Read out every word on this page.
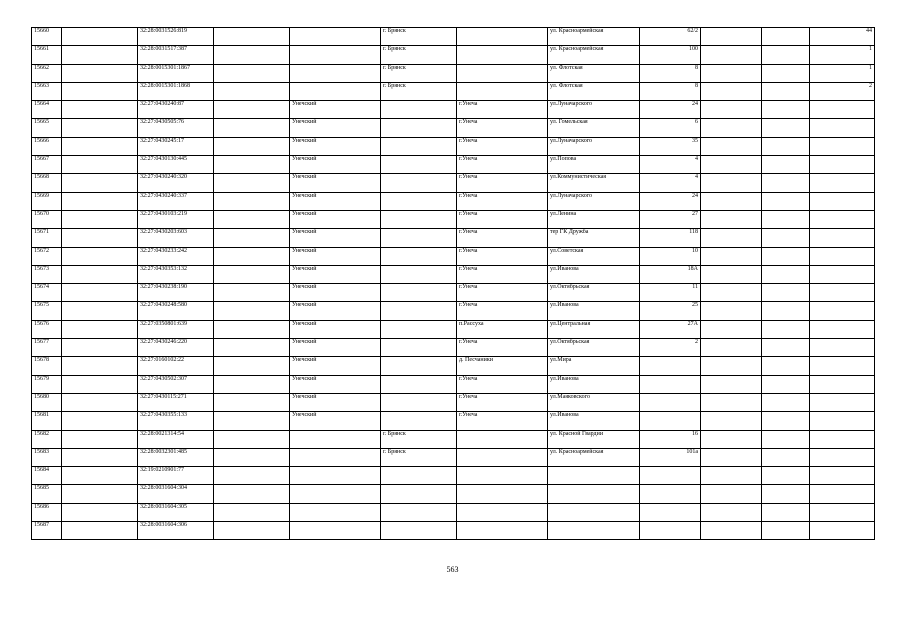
15660		32:28:0031526:819			г. Брянск		ул. Красноармейская	62/2			44
15661		32:28:0031517:387			г. Брянск		ул. Красноармейская	100			1
15662		32:28:0015301:1867			г. Брянск		ул. Флотская	8			1
15663		32:28:0015301:1868			г. Брянск		ул. Флотская	8			2
15664		32:27:0430240:87		Унечский		г.Унеча	ул.Луначарского	24			
15665		32:27:0430505:76		Унечский		г.Унеча	ул. Гомельская	6			
15666		32:27:0430245:17		Унечский		г.Унеча	ул.Луначарского	35			
15667		32:27:0430130:445		Унечский		г.Унеча	ул.Попова	4			
15668		32:27:0430240:320		Унечский		г.Унеча	ул.Коммунистическая	4			
15669		32:27:0430240:337		Унечский		г.Унеча	ул.Луначарского	24			
15670		32:27:0430103:219		Унечский		г.Унеча	ул.Ленина	27			
15671		32:27:0430203:603		Унечский		г.Унеча	тер ГК Дружба	118			
15672		32:27:0430233:242		Унечский		г.Унеча	ул.Советская	10			
15673		32:27:0430353:132		Унечский		г.Унеча	ул.Иванова	18А			
15674		32:27:0430238:190		Унечский		г.Унеча	ул.Октябрьская	11			
15675		32:27:0430248:580		Унечский		г.Унеча	ул.Иванова	25			
15676		32:27:0350801:639		Унечский		п.Рассуха	ул.Центральная	27А			
15677		32:27:0430246:220		Унечский		г.Унеча	ул.Октябрьская	2			
15678		32:27:0160102:22		Унечский		д. Песчаники	ул.Мира				
15679		32:27:0430502:307		Унечский		г.Унеча	ул.Иванова				
15680		32:27:0430115:271		Унечский		г.Унеча	ул.Маяковского				
15681		32:27:0430355:133		Унечский		г.Унеча	ул.Иванова				
15682		32:28:0021314:54			г. Брянск		ул. Красной Гвардии	16			
15683		32:28:0032301:485			г. Брянск		ул. Красноармейская	101а			
15684		32:19:0210901:77									
15685		32:28:0031604:304									
15686		32:28:0031604:305									
15687		32:28:0031604:306									
563
